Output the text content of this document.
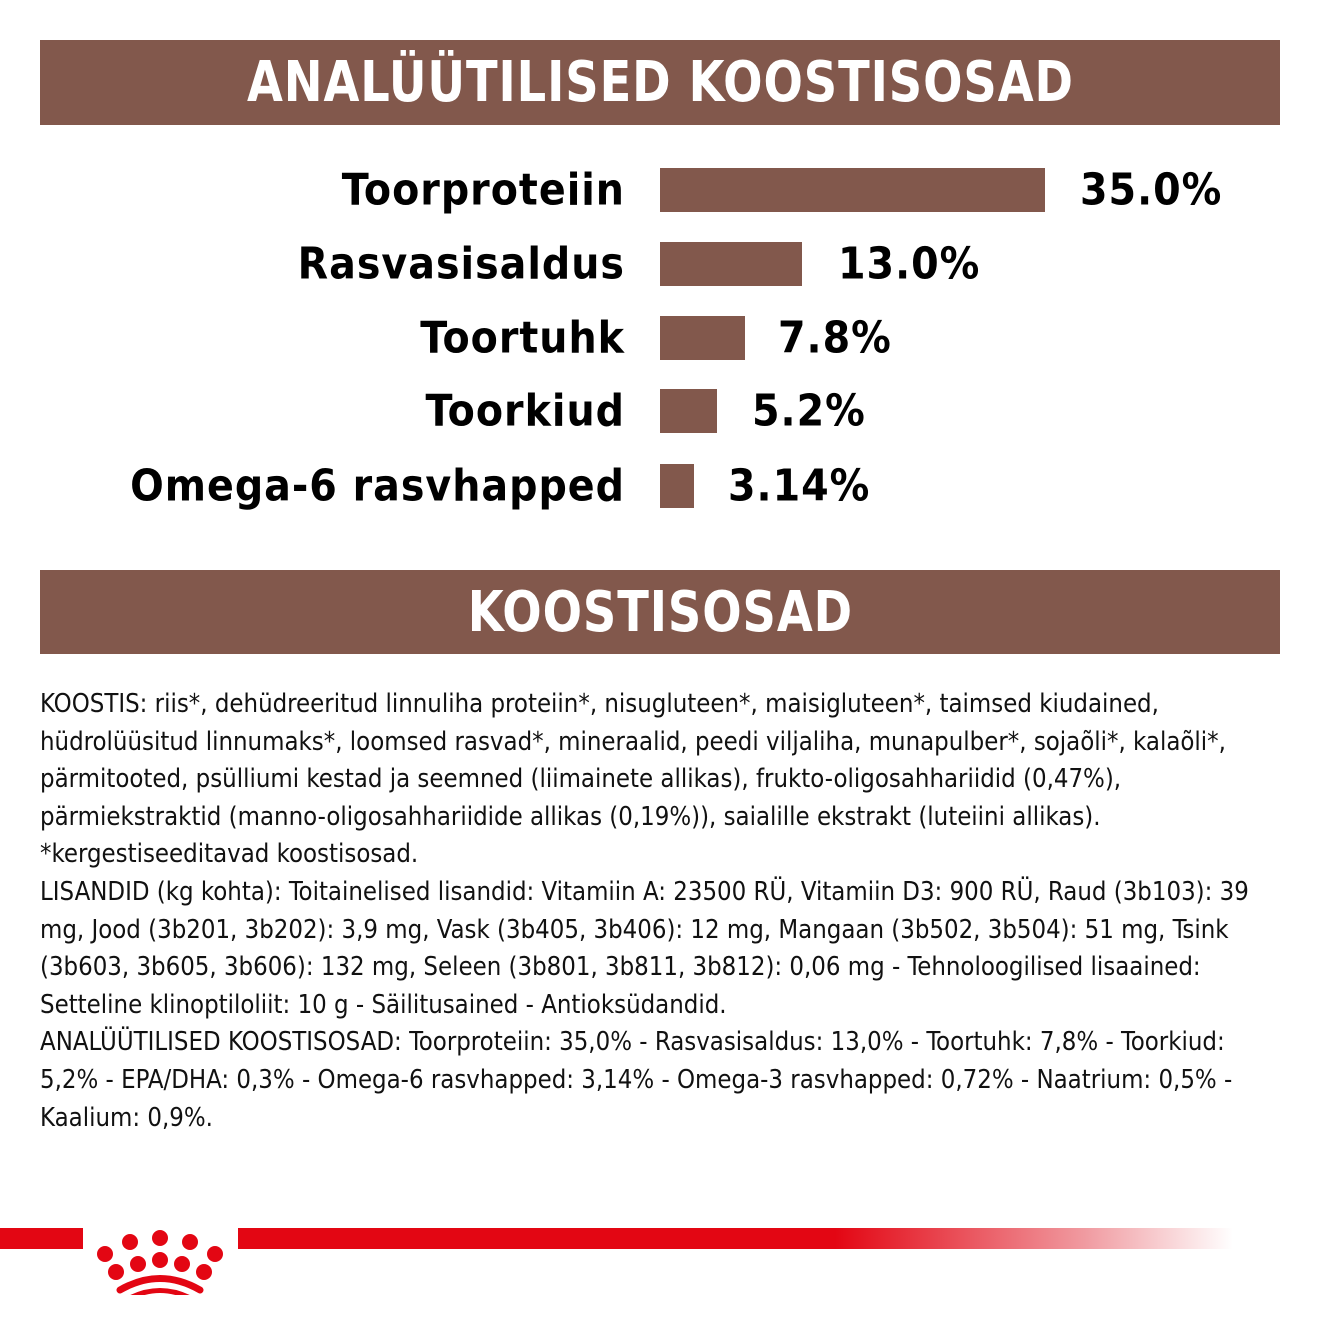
ANALÜÜTILISED KOOSTISOSAD
Toorproteiin	35.0%
Rasvasisaldus	13.0%
Toortuhk	7.8%
Toorkiud	5.2%
Omega-6 rasvhapped 3.14%
KOOSTISOSAD

KOOSTIS: riis*, dehüdreeritud linnuliha proteiin*, nisugluteen*, maisigluteen*, taimsed kiudained, hüdrolüüsitud linnumaks*, loomsed rasvad*, mineraalid, peedi viljaliha, munapulber*, sojaõli*, kalaõli*, pärmitooted, psülliumi kestad ja seemned (liimainete allikas), frukto-oligosahhariidid (0,47%), pärmiekstraktid (manno-oligosahhariidide allikas (0,19%)), saialille ekstrakt (luteiini allikas). *kergestiseeditavad koostisosad.

LISANDID (kg kohta): Toitainelised lisandid: Vitamiin A: 23500 RÜ, Vitamiin D3: 900 RÜ, Raud (3b103): 39 mg, Jood (3b201, 3b202): 3,9 mg, Vask (3b405, 3b406): 12 mg, Mangaan (3b502, 3b504): 51 mg, Tsink (3b603, 3b605, 3b606): 132 mg, Seleen (3b801, 3b811, 3b812): 0,06 mg - Tehnoloogilised lisaained: Setteline klinoptiloliit: 10 g - Säilitusained - Antioksüdandid.

ANALÜÜTILISED KOOSTISOSAD: Toorproteiin: 35,0% - Rasvasisaldus: 13,0% - Toortuhk: 7,8% - Toorkiud: 5,2% - EPA/DHA: 0,3% - Omega-6 rasvhapped: 3,14% - Omega-3 rasvhapped: 0,72% - Naatrium: 0,5% - Kaalium: 0,9%.
